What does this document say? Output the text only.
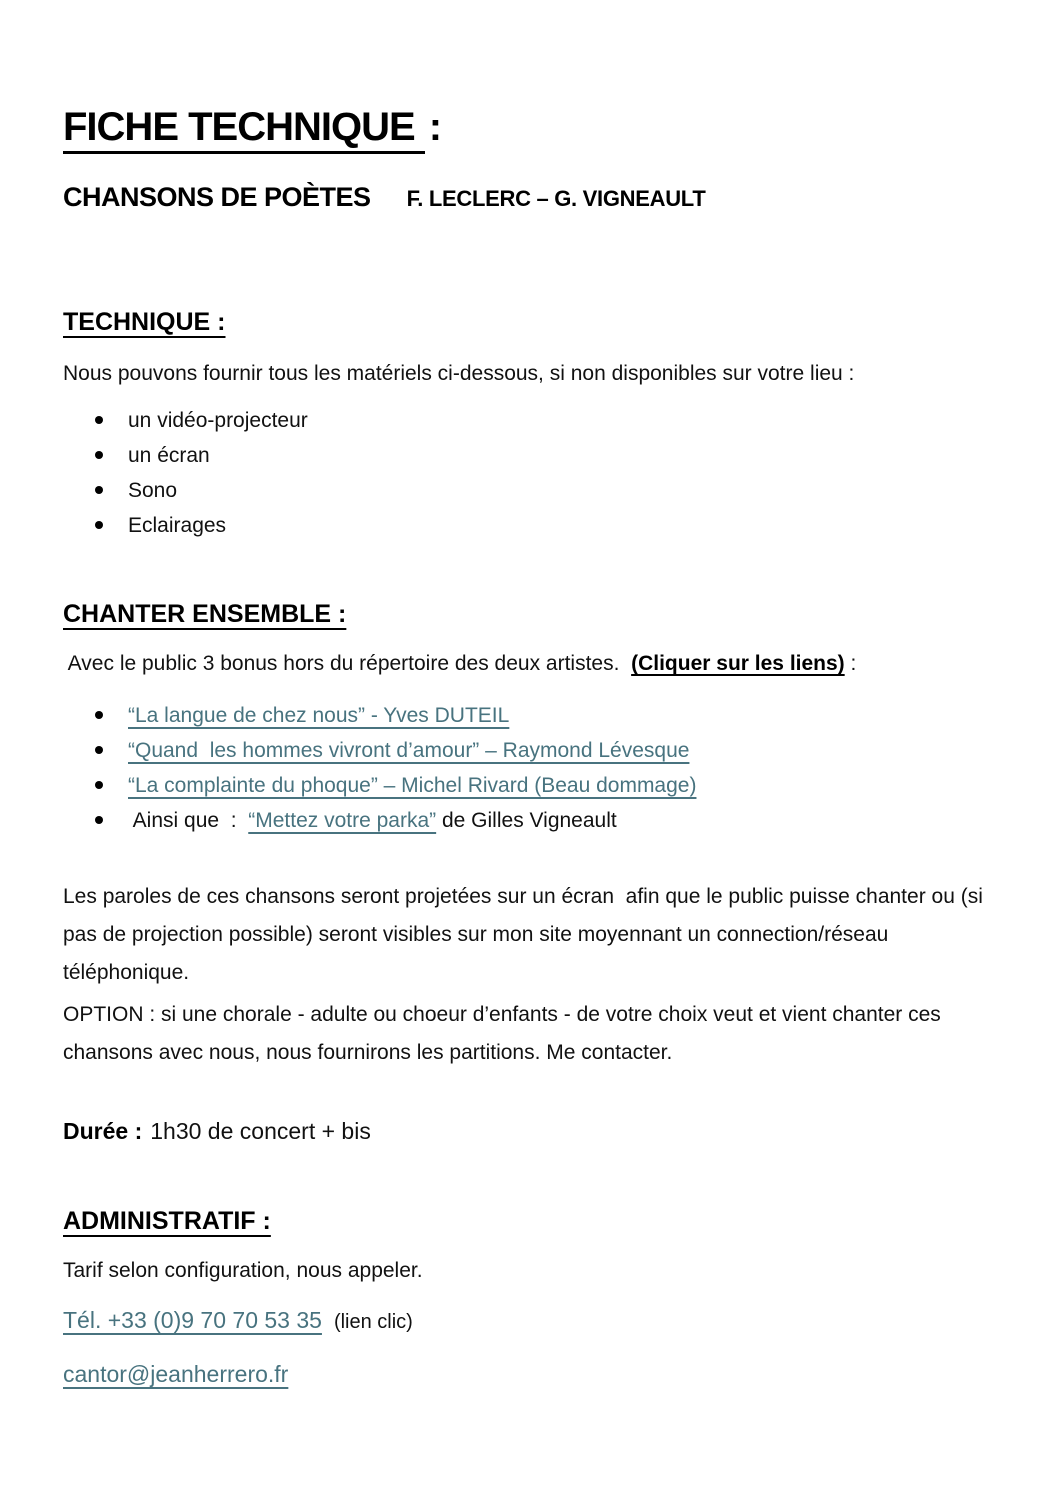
FICHE TECHNIQUE :
CHANSONS DE POÈTES F. LECLERC – G. VIGNEAULT
TECHNIQUE :

Nous pouvons fournir tous les matériels ci-dessous, si non disponibles sur votre lieu :

un vidéo-projecteur
un écran
Sono
Eclairages
CHANTER ENSEMBLE :

Avec le public 3 bonus hors du répertoire des deux artistes.  (Cliquer sur les liens) :

“La langue de chez nous” - Yves DUTEIL
“Quand  les hommes vivront d’amour” – Raymond Lévesque
“La complainte du phoque” – Michel Rivard (Beau dommage)
Ainsi que  :  “Mettez votre parka” de Gilles Vigneault

Les paroles de ces chansons seront projetées sur un écran  afin que le public puisse chanter ou (si pas de projection possible) seront visibles sur mon site moyennant un connection/réseau téléphonique.

OPTION : si une chorale - adulte ou choeur d’enfants - de votre choix veut et vient chanter ces chansons avec nous, nous fournirons les partitions. Me contacter.

Durée : 1h30 de concert + bis

ADMINISTRATIF :

Tarif selon configuration, nous appeler.

Tél. +33 (0)9 70 70 53 35 (lien clic)

cantor@jeanherrero.fr
